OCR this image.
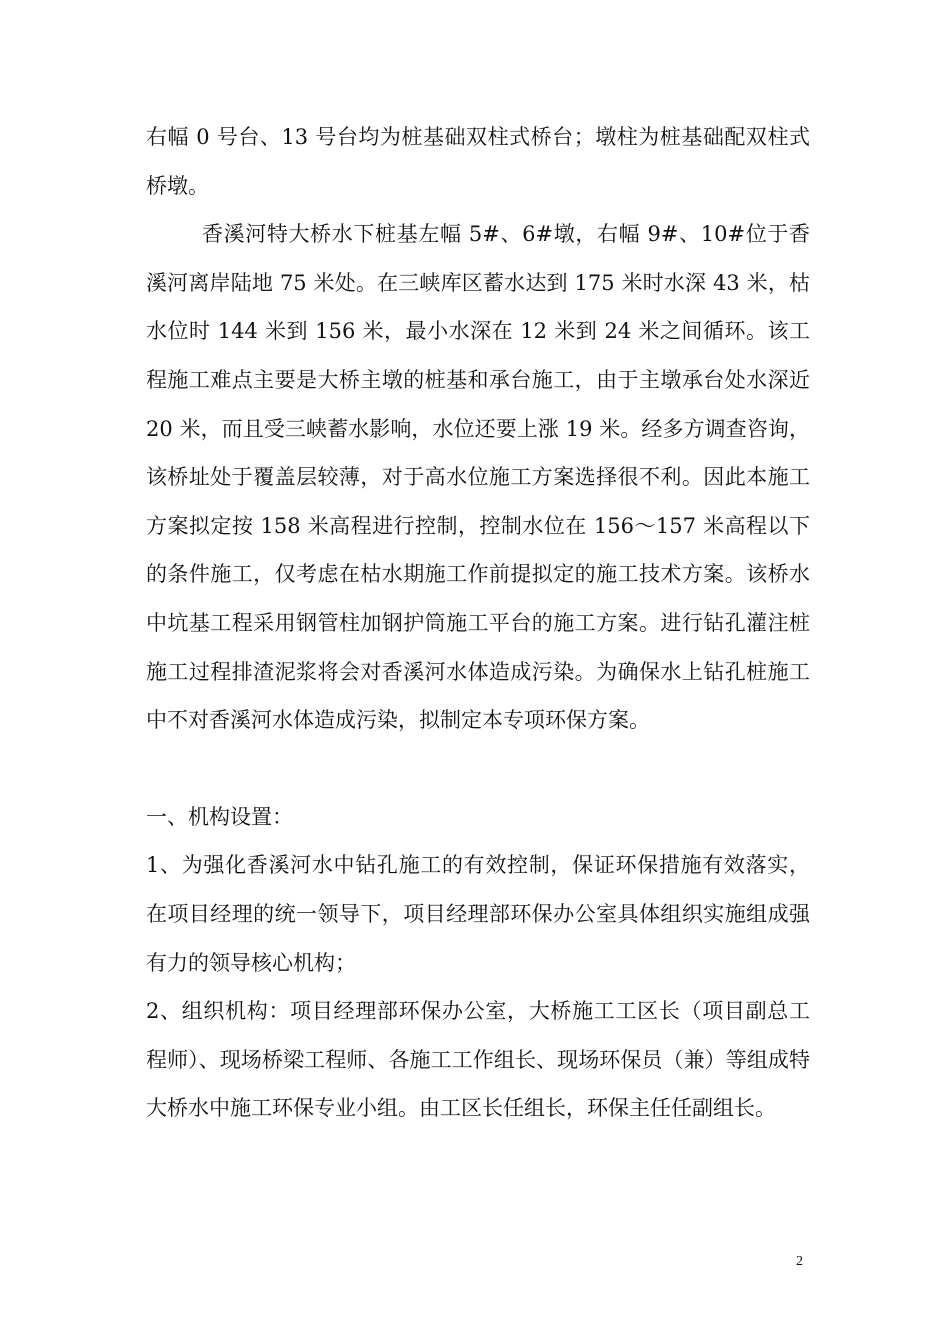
右幅 0 号台、13 号台均为桩基础双柱式桥台；墩柱为桩基础配双柱式桥墩。

香溪河特大桥水下桩基左幅 5#、6#墩，右幅 9#、10#位于香溪河离岸陆地 75 米处。在三峡库区蓄水达到 175 米时水深 43 米，枯水位时 144 米到 156 米，最小水深在 12 米到 24 米之间循环。该工程施工难点主要是大桥主墩的桩基和承台施工，由于主墩承台处水深近 20 米，而且受三峡蓄水影响，水位还要上涨 19 米。经多方调查咨询，该桥址处于覆盖层较薄，对于高水位施工方案选择很不利。因此本施工方案拟定按 158 米高程进行控制，控制水位在 156～157 米高程以下的条件施工，仅考虑在枯水期施工作前提拟定的施工技术方案。该桥水中坑基工程采用钢管柱加钢护筒施工平台的施工方案。进行钻孔灌注桩施工过程排渣泥浆将会对香溪河水体造成污染。为确保水上钻孔桩施工中不对香溪河水体造成污染，拟制定本专项环保方案。

一、机构设置：

1、为强化香溪河水中钻孔施工的有效控制，保证环保措施有效落实，在项目经理的统一领导下，项目经理部环保办公室具体组织实施组成强有力的领导核心机构；

2、组织机构：项目经理部环保办公室，大桥施工工区长（项目副总工程师）、现场桥梁工程师、各施工工作组长、现场环保员（兼）等组成特大桥水中施工环保专业小组。由工区长任组长，环保主任任副组长。

2
